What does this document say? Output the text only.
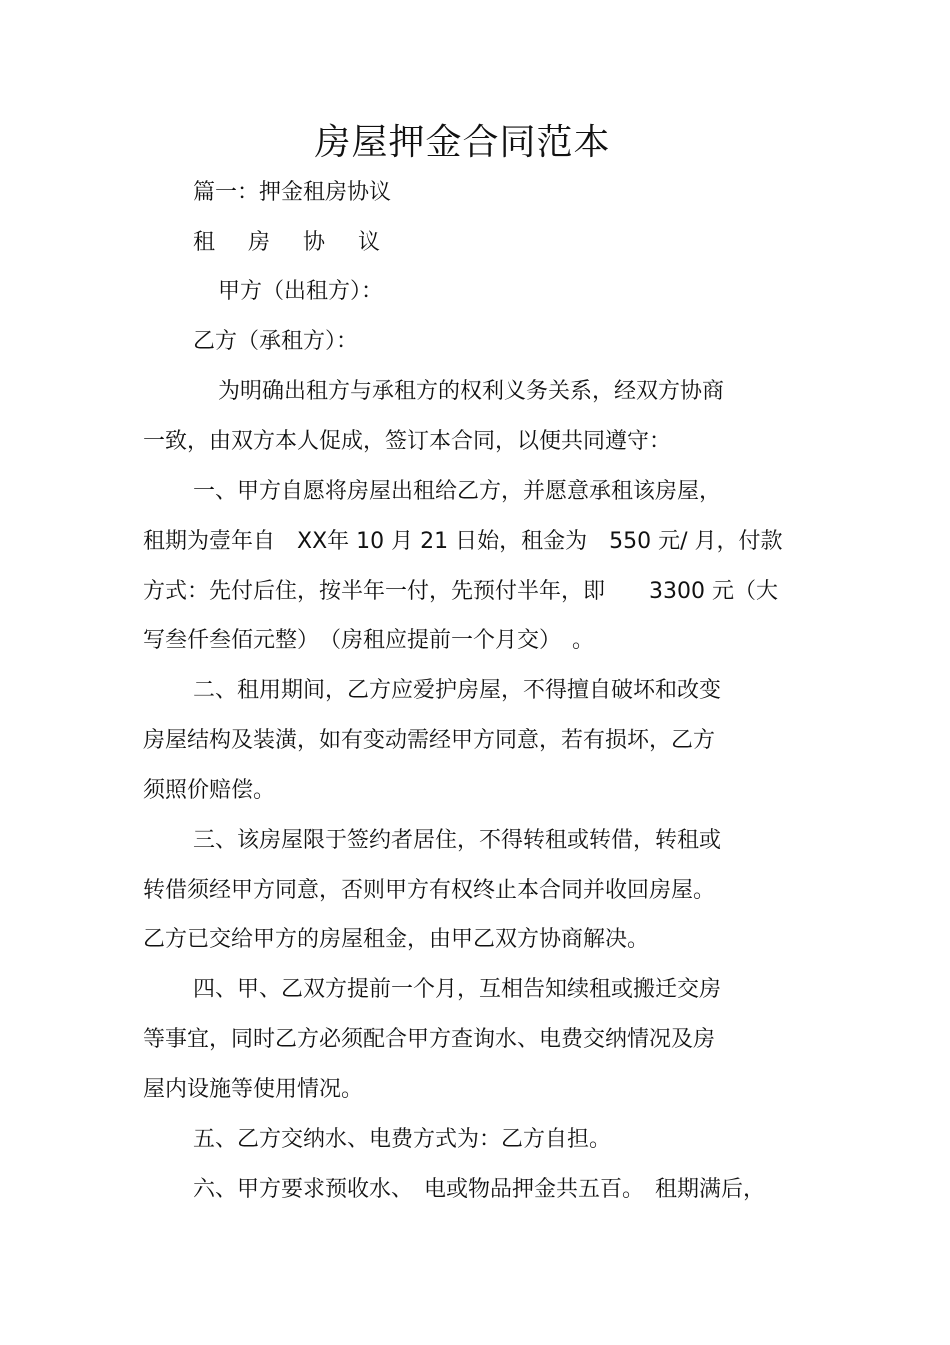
房屋押金合同范本
篇一：押金租房协议
租 房 协 议
甲方（出租方）：
乙方（承租方）：
为明确出租方与承租方的权利义务关系，经双方协商
一致，由双方本人促成，签订本合同，以便共同遵守：
一、甲方自愿将房屋出租给乙方，并愿意承租该房屋，
租期为壹年自　XX年 10 月 21 日始，租金为　550 元/ 月，付款
方式：先付后住，按半年一付，先预付半年，即　　3300 元（大
写叁仟叁佰元整）　（房租应提前一个月交）　。
二、租用期间，乙方应爱护房屋，不得擅自破坏和改变
房屋结构及装潢，如有变动需经甲方同意，若有损坏，乙方
须照价赔偿。
三、该房屋限于签约者居住，不得转租或转借，转租或
转借须经甲方同意，否则甲方有权终止本合同并收回房屋。
乙方已交给甲方的房屋租金，由甲乙双方协商解决。
四、甲、乙双方提前一个月，互相告知续租或搬迁交房
等事宜，同时乙方必须配合甲方查询水、电费交纳情况及房
屋内设施等使用情况。
五、乙方交纳水、电费方式为：乙方自担。
六、甲方要求预收水、　电或物品押金共五百。　租期满后，
